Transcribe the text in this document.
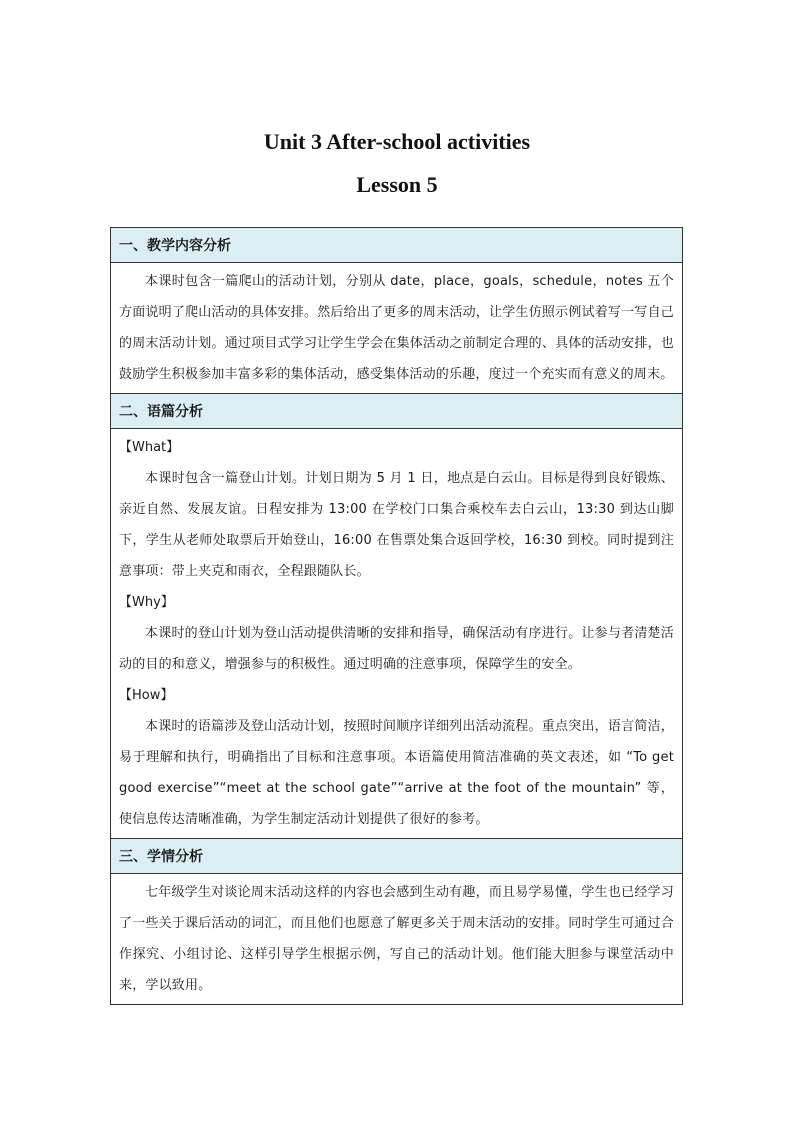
Unit 3 After-school activities
Lesson 5
一、教学内容分析

本课时包含一篇爬山的活动计划，分别从 date，place，goals，schedule，notes 五个方面说明了爬山活动的具体安排。然后给出了更多的周末活动，让学生仿照示例试着写一写自己的周末活动计划。通过项目式学习让学生学会在集体活动之前制定合理的、具体的活动安排，也鼓励学生积极参加丰富多彩的集体活动，感受集体活动的乐趣，度过一个充实而有意义的周末。

二、语篇分析

【What】

本课时包含一篇登山计划。计划日期为 5 月 1 日，地点是白云山。目标是得到良好锻炼、亲近自然、发展友谊。日程安排为 13:00 在学校门口集合乘校车去白云山，13:30 到达山脚下，学生从老师处取票后开始登山，16:00 在售票处集合返回学校，16:30 到校。同时提到注意事项：带上夹克和雨衣，全程跟随队长。

【Why】

本课时的登山计划为登山活动提供清晰的安排和指导，确保活动有序进行。让参与者清楚活动的目的和意义，增强参与的积极性。通过明确的注意事项，保障学生的安全。

【How】

本课时的语篇涉及登山活动计划，按照时间顺序详细列出活动流程。重点突出，语言简洁，易于理解和执行，明确指出了目标和注意事项。本语篇使用简洁准确的英文表述，如 “To get good exercise”“meet at the school gate”“arrive at the foot of the mountain” 等，使信息传达清晰准确，为学生制定活动计划提供了很好的参考。

三、学情分析

七年级学生对谈论周末活动这样的内容也会感到生动有趣，而且易学易懂，学生也已经学习了一些关于课后活动的词汇，而且他们也愿意了解更多关于周末活动的安排。同时学生可通过合作探究、小组讨论、这样引导学生根据示例，写自己的活动计划。他们能大胆参与课堂活动中来，学以致用。
